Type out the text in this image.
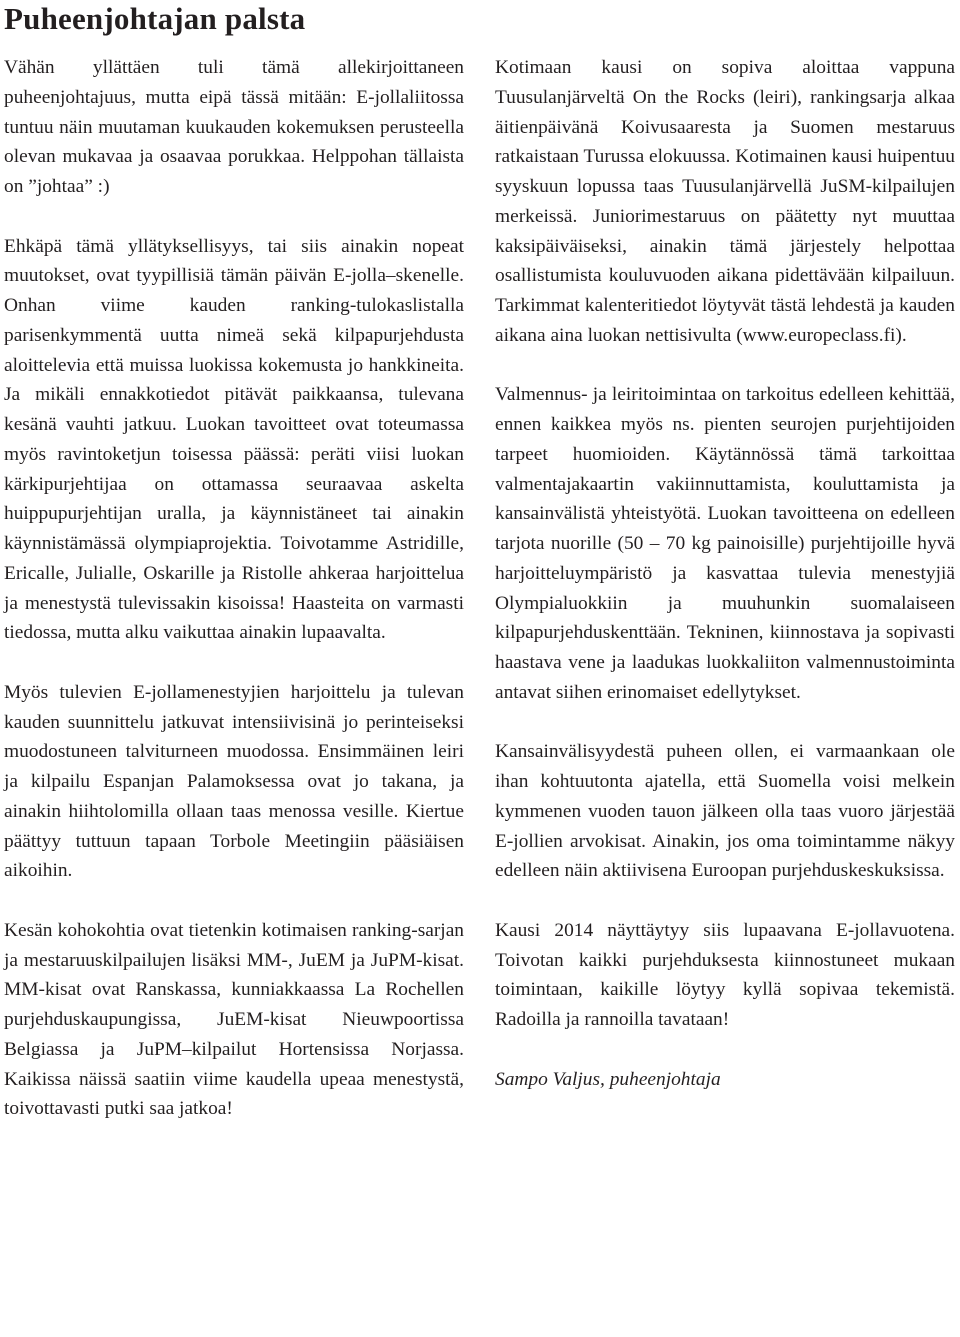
Puheenjohtajan palsta

Vähän yllättäen tuli tämä allekirjoittaneen puheenjohtajuus, mutta eipä tässä mitään: E-jollaliitossa tuntuu näin muutaman kuukauden kokemuksen perusteella olevan mukavaa ja osaavaa porukkaa. Helppohan tällaista on ”johtaa” :)

Ehkäpä tämä yllätyksellisyys, tai siis ainakin nopeat muutokset, ovat tyypillisiä tämän päivän E-jolla–skenelle. Onhan viime kauden ranking-tulokaslistalla parisenkymmentä uutta nimeä sekä kilpapurjehdusta aloittelevia että muissa luokissa kokemusta jo hankkineita. Ja mikäli ennakkotiedot pitävät paikkaansa, tulevana kesänä vauhti jatkuu. Luokan tavoitteet ovat toteumassa myös ravintoketjun toisessa päässä: peräti viisi luokan kärkipurjehtijaa on ottamassa seuraavaa askelta huippupurjehtijan uralla, ja käynnistäneet tai ainakin käynnistämässä olympiaprojektia. Toivotamme Astridille, Ericalle, Julialle, Oskarille ja Ristolle ahkeraa harjoittelua ja menestystä tulevissakin kisoissa! Haasteita on varmasti tiedossa, mutta alku vaikuttaa ainakin lupaavalta.

Myös tulevien E-jollamenestyjien harjoittelu ja tulevan kauden suunnittelu jatkuvat intensiivisinä jo perinteiseksi muodostuneen talviturneen muodossa. Ensimmäinen leiri ja kilpailu Espanjan Palamoksessa ovat jo takana, ja ainakin hiihtolomilla ollaan taas menossa vesille. Kiertue päättyy tuttuun tapaan Torbole Meetingiin pääsiäisen aikoihin.

Kesän kohokohtia ovat tietenkin kotimaisen ranking-sarjan ja mestaruuskilpailujen lisäksi MM-, JuEM ja JuPM-kisat. MM-kisat ovat Ranskassa, kunniakkaassa La Rochellen purjehduskaupungissa, JuEM-kisat Nieuwpoortissa Belgiassa ja JuPM–kilpailut Hortensissa Norjassa. Kaikissa näissä saatiin viime kaudella upeaa menestystä, toivottavasti putki saa jatkoa!

Kotimaan kausi on sopiva aloittaa vappuna Tuusulanjärveltä On the Rocks (leiri), rankingsarja alkaa äitienpäivänä Koivusaaresta ja Suomen mestaruus ratkaistaan Turussa elokuussa. Kotimainen kausi huipentuu syyskuun lopussa taas Tuusulanjärvellä JuSM-kilpailujen merkeissä. Juniorimestaruus on päätetty nyt muuttaa kaksipäiväiseksi, ainakin tämä järjestely helpottaa osallistumista kouluvuoden aikana pidettävään kilpailuun. Tarkimmat kalenteritiedot löytyvät tästä lehdestä ja kauden aikana aina luokan nettisivulta (www.europeclass.fi).

Valmennus- ja leiritoimintaa on tarkoitus edelleen kehittää, ennen kaikkea myös ns. pienten seurojen purjehtijoiden tarpeet huomioiden. Käytännössä tämä tarkoittaa valmentajakaartin vakiinnuttamista, kouluttamista ja kansainvälistä yhteistyötä. Luokan tavoitteena on edelleen tarjota nuorille (50 – 70 kg painoisille) purjehtijoille hyvä harjoitteluympäristö ja kasvattaa tulevia menestyjiä Olympialuokkiin ja muuhunkin suomalaiseen kilpapurjehduskenttään. Tekninen, kiinnostava ja sopivasti haastava vene ja laadukas luokkaliiton valmennustoiminta antavat siihen erinomaiset edellytykset.

Kansainvälisyydestä puheen ollen, ei varmaankaan ole ihan kohtuutonta ajatella, että Suomella voisi melkein kymmenen vuoden tauon jälkeen olla taas vuoro järjestää E-jollien arvokisat. Ainakin, jos oma toimintamme näkyy edelleen näin aktiivisena Euroopan purjehduskeskuksissa.

Kausi 2014 näyttäytyy siis lupaavana E-jollavuotena. Toivotan kaikki purjehduksesta kiinnostuneet mukaan toimintaan, kaikille löytyy kyllä sopivaa tekemistä. Radoilla ja rannoilla tavataan!

Sampo Valjus, puheenjohtaja
